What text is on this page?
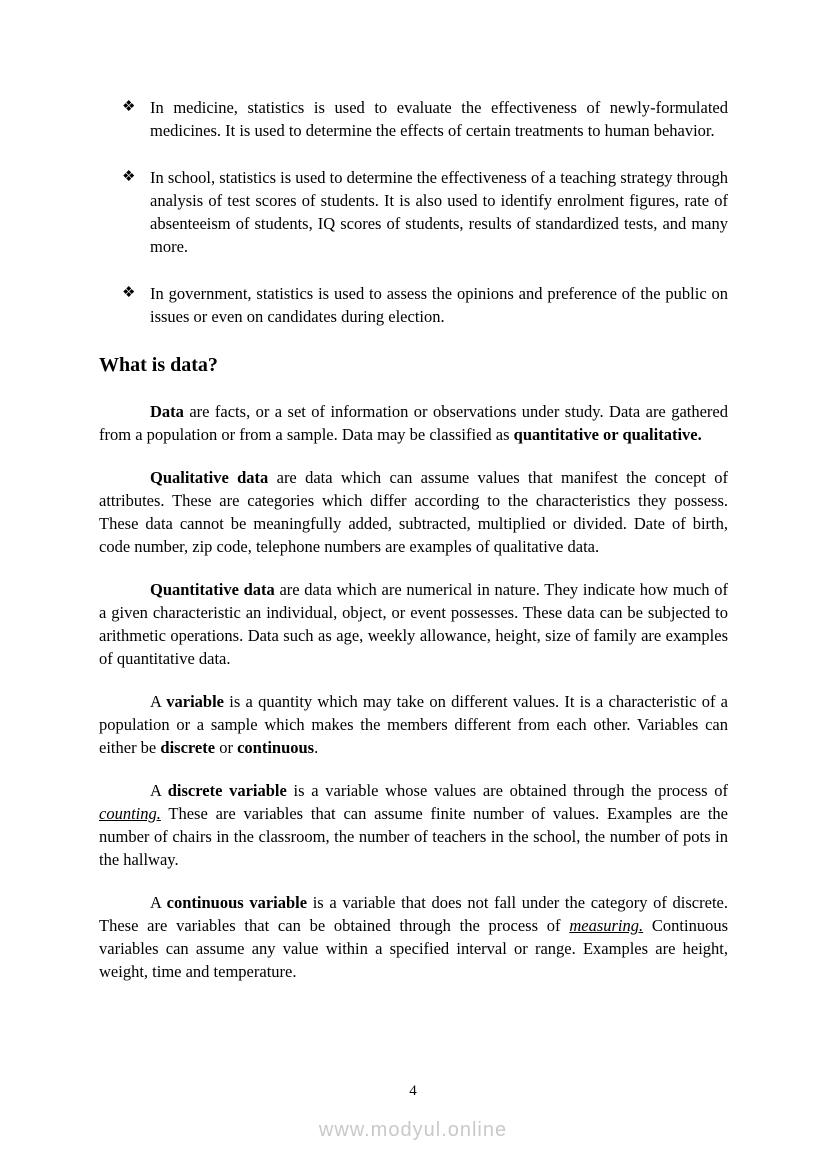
❖ In medicine, statistics is used to evaluate the effectiveness of newly-formulated medicines. It is used to determine the effects of certain treatments to human behavior.
❖ In school, statistics is used to determine the effectiveness of a teaching strategy through analysis of test scores of students. It is also used to identify enrolment figures, rate of absenteeism of students, IQ scores of students, results of standardized tests, and many more.
❖ In government, statistics is used to assess the opinions and preference of the public on issues or even on candidates during election.
What is data?

Data are facts, or a set of information or observations under study. Data are gathered from a population or from a sample. Data may be classified as quantitative or qualitative.

Qualitative data are data which can assume values that manifest the concept of attributes. These are categories which differ according to the characteristics they possess. These data cannot be meaningfully added, subtracted, multiplied or divided. Date of birth, code number, zip code, telephone numbers are examples of qualitative data.

Quantitative data are data which are numerical in nature. They indicate how much of a given characteristic an individual, object, or event possesses. These data can be subjected to arithmetic operations. Data such as age, weekly allowance, height, size of family are examples of quantitative data.

A variable is a quantity which may take on different values. It is a characteristic of a population or a sample which makes the members different from each other. Variables can either be discrete or continuous.

A discrete variable is a variable whose values are obtained through the process of counting. These are variables that can assume finite number of values. Examples are the number of chairs in the classroom, the number of teachers in the school, the number of pots in the hallway.

A continuous variable is a variable that does not fall under the category of discrete. These are variables that can be obtained through the process of measuring. Continuous variables can assume any value within a specified interval or range. Examples are height, weight, time and temperature.

4
www.modyul.online
